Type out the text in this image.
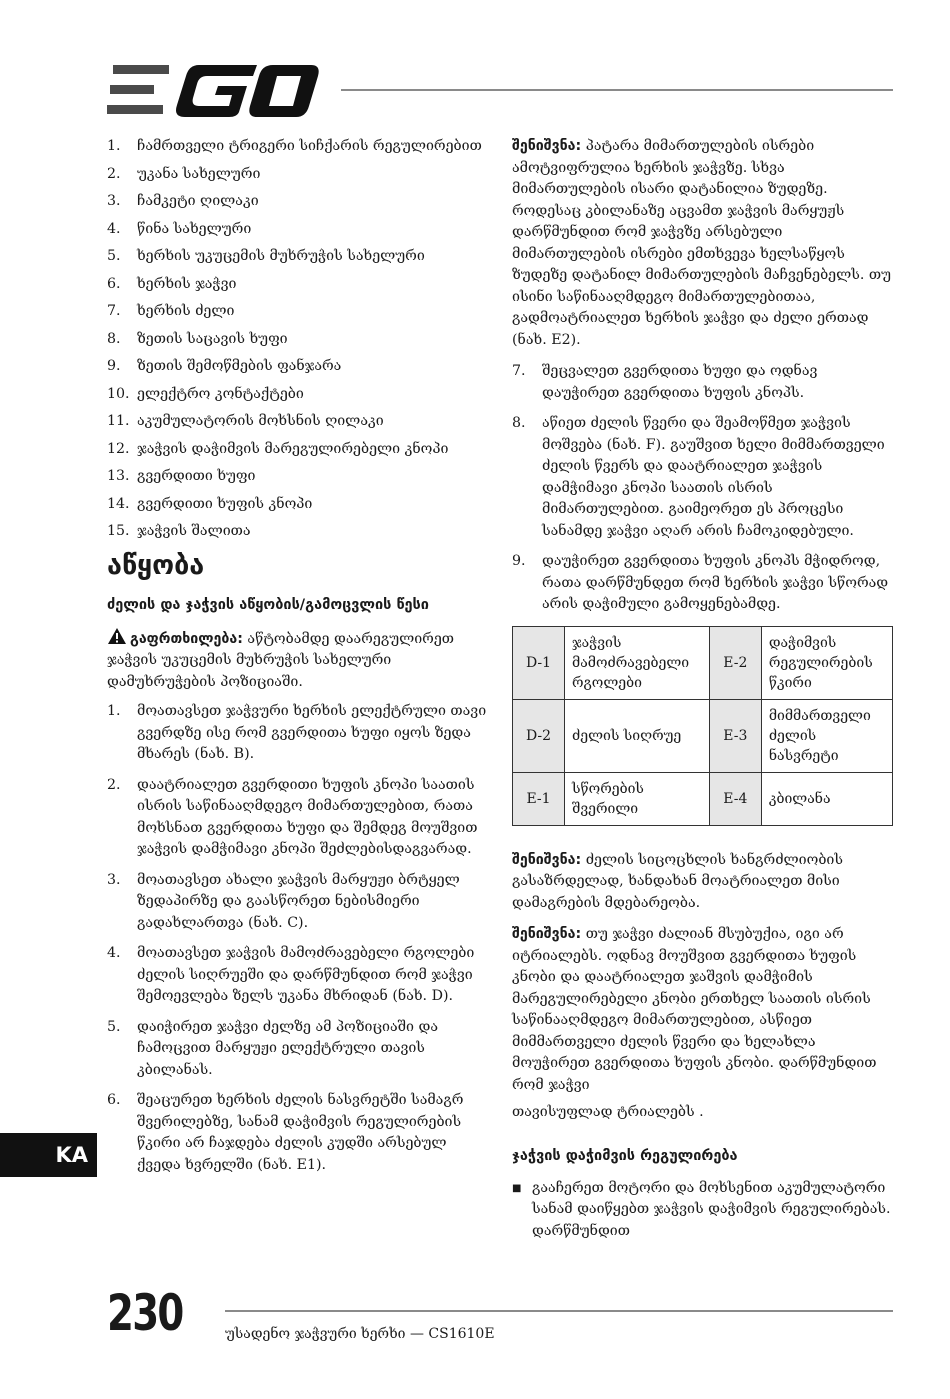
1.	ჩამრთველი ტრიგერი სიჩქარის რეგულირებით
2.	უკანა სახელური
3.	ჩამკეტი ღილაკი
4.	წინა სახელური
5.	ხერხის უკუცემის მუხრუჭის სახელური
6.	ხერხის ჯაჭვი
7.	ხერხის ძელი
8.	ზეთის საცავის ხუფი
9.	ზეთის შემოწმების ფანჯარა
10. ელექტრო კონტაქტები
11. აკუმულატორის მოხსნის ღილაკი
12. ჯაჭვის დაჭიმვის მარეგულირებელი კნოპი
13. გვერდითი ხუფი
14. გვერდითი ხუფის კნოპი
15. ჯაჭვის შალითა
აწყობა
ძელის და ჯაჭვის აწყობის/გამოცვლის წესი

გაფრთხილება: აწტობამდე დაარეგულირეთ ჯაჭვის უკუცემის მუხრუჭის სახელური დამუხრუჭების პოზიციაში.

1.	მოათავსეთ ჯაჭვური ხერხის ელექტრული თავი გვერდზე ისე რომ გვერდითა ხუფი იყოს ზედა მხარეს (ნახ. B).
2.	დაატრიალეთ გვერდითი ხუფის კნოპი საათის ისრის საწინააღმდეგო მიმართულებით, რათა მოხსნათ გვერდითა ხუფი და შემდეგ მოუშვით ჯაჭვის დამჭიმავი კნოპი შეძლებისდაგვარად.
3.	მოათავსეთ ახალი ჯაჭვის მარყუჟი ბრტყელ ზედაპირზე და გაასწორეთ ნებისმიერი გადახლართვა (ნახ. C).
4.	მოათავსეთ ჯაჭვის მამოძრავებელი რგოლები ძელის სიღრუეში და დარწმუნდით რომ ჯაჭვი შემოევლება ზელს უკანა მხრიდან (ნახ. D).
5.	დაიჭირეთ ჯაჭვი ძელზე ამ პოზიციაში და ჩამოცვით მარყუჟი ელექტრული თავის კბილანას.
6.	შეაცურეთ ხერხის ძელის ნასვრეტში სამაგრ შვერილებზე, სანამ დაჭიმვის რეგულირების წკირი არ ჩაჯდება ძელის კუდში არსებულ ქვედა ხვრელში (ნახ. E1).

შენიშვნა: პატარა მიმართულების ისრები ამოტვიფრულია ხერხის ჯაჭვზე. სხვა მიმართულების ისარი დატანილია ზუდეზე. როდესაც კბილანაზე აცვამთ ჯაჭვის მარყუჟს დარწმუნდით რომ ჯაჭვზე არსებული მიმართულების ისრები ემთხვევა ხელსაწყოს ზუდეზე დატანილ მიმართულების მაჩვენებელს. თუ ისინი საწინააღმდეგო მიმართულებითაა, გადმოატრიალეთ ხერხის ჯაჭვი და ძელი ერთად (ნახ. E2).

7.	შეცვალეთ გვერდითა ხუფი და ოდნავ დაუჭირეთ გვერდითა ხუფის კნოპს.
8.	აწიეთ ძელის წვერი და შეამოწმეთ ჯაჭვის მოშვება (ნახ. F). გაუშვით ხელი მიმმართველი ძელის წვერს და დაატრიალეთ ჯაჭვის დამჭიმავი კნოპი საათის ისრის მიმართულებით. გაიმეორეთ ეს პროცესი სანამდე ჯაჭვი აღარ არის ჩამოკიდებული.
9.	დაუჭირეთ გვერდითა ხუფის კნოპს მჭიდროდ, რათა დარწმუნდეთ რომ ხერხის ჯაჭვი სწორად არის დაჭიმული გამოყენებამდე.
D-1	ჯაჭვის მამოძრავებელი რგოლები	E-2	დაჭიმვის რეგულირების წკირი
D-2	ძელის სიღრუე	E-3	მიმმართველი ძელის ნასვრეტი
E-1	სწორების შვერილი	E-4	კბილანა

შენიშვნა: ძელის სიცოცხლის ხანგრძლიობის გასაზრდელად, ხანდახან მოატრიალეთ მისი დამაგრების მდებარეობა.

შენიშვნა: თუ ჯაჭვი ძალიან მსუბუქია, იგი არ იტრიალებს. ოდნავ მოუშვით გვერდითა ხუფის კნობი და დაატრიალეთ ჯაშვის დამჭიმის მარეგულირებელი კნობი ერთხელ საათის ისრის საწინააღმდეგო მიმართულებით, ასწიეთ მიმმართველი ძელის წვერი და ხელახლა მოუჭირეთ გვერდითა ხუფის კნობი. დარწმუნდით რომ ჯაჭვი

თავისუფლად ტრიალებს .

ჯაჭვის დაჭიმვის რეგულირება
■ გააჩერეთ მოტორი და მოხსენით აკუმულატორი სანამ დაიწყებთ ჯაჭვის დაჭიმვის რეგულირებას. დარწმუნდით
KA
230	უსადენო ჯაჭვური ხერხი — CS1610E
